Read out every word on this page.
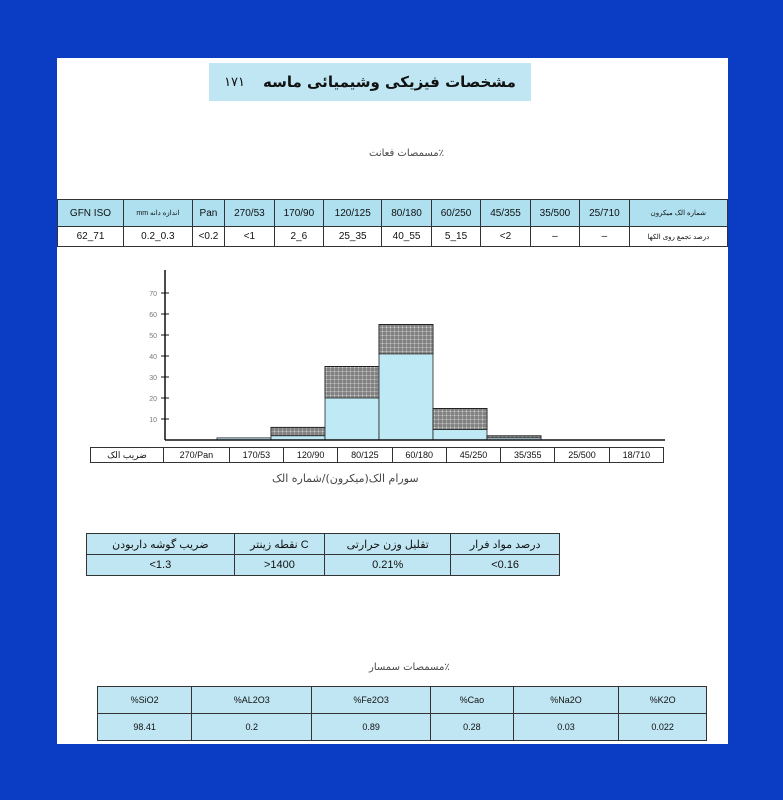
۱۷۱ مشخصات فیزیکی وشیمیائی ماسه
مسمصات فعانت٪
GFN ISO	mm اندازه دانه	Pan	270/53	170/90	120/125	80/180	60/250	45/355	35/500	25/710	شماره الک میکرون
62_71	0.2_0.3	<0.2	<1	2_6	25_35	40_55	5_15	<2	–	–	درصد تجمع روی الکها
10
20
30
40
50
60
70
ضریب الک	270/Pan	170/53	120/90	80/125	60/180	45/250	35/355	25/500	18/710
سورام الک(میکرون)/شماره الک
ضریب گوشه داربودن	نقطه زینتر C	تقلیل وزن حرارتی	درصد مواد فرار
<1.3	>1400	0.21%	<0.16
مسمصات سمسار٪
%SiO2	%AL2O3	%Fe2O3	%Cao	%Na2O	%K2O
98.41	0.2	0.89	0.28	0.03	0.022
